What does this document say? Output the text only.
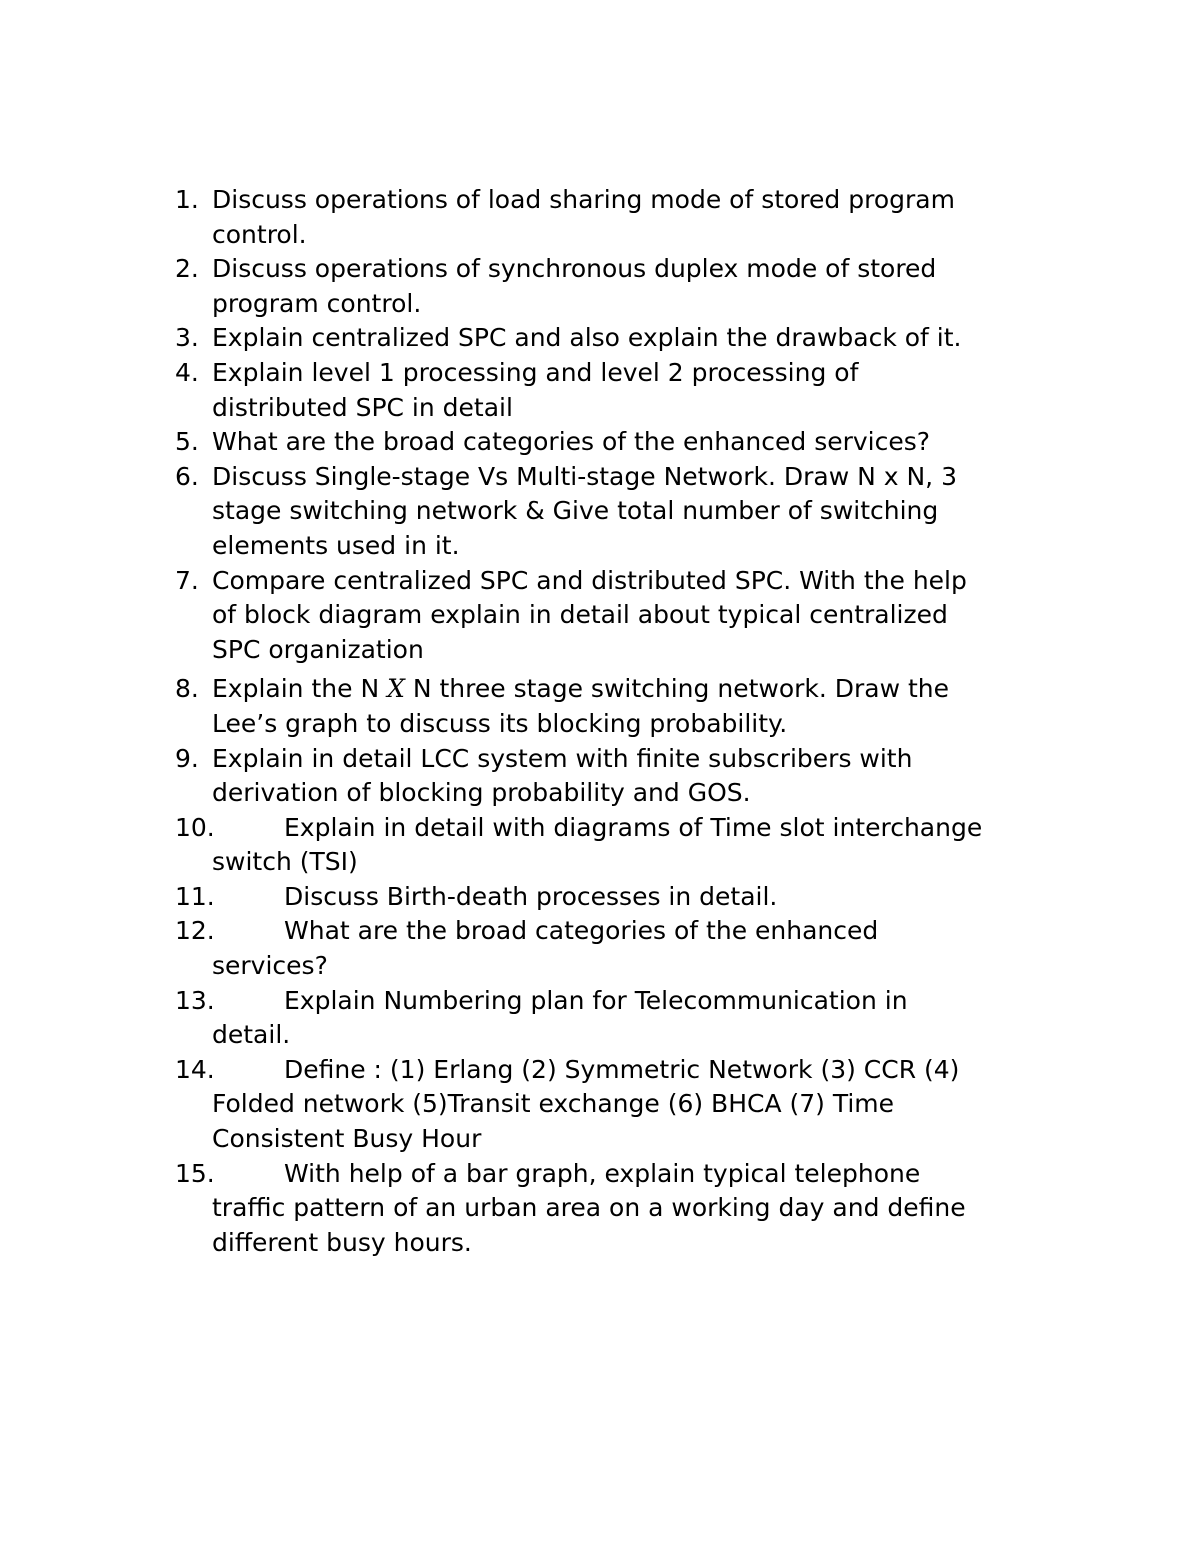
1. Discuss operations of load sharing mode of stored program
control.
2. Discuss operations of synchronous duplex mode of stored
program control.
3. Explain centralized SPC and also explain the drawback of it.
4. Explain level 1 processing and level 2 processing of
distributed SPC in detail
5. What are the broad categories of the enhanced services?
6. Discuss Single-stage Vs Multi-stage Network. Draw N x N, 3
stage switching network & Give total number of switching
elements used in it.
7. Compare centralized SPC and distributed SPC. With the help
of block diagram explain in detail about typical centralized
SPC organization
8. Explain the N X N three stage switching network. Draw the
Lee’s graph to discuss its blocking probability.
9. Explain in detail LCC system with finite subscribers with
derivation of blocking probability and GOS.
10.	Explain in detail with diagrams of Time slot interchange
switch (TSI)
11.	Discuss Birth-death processes in detail.
12.	What are the broad categories of the enhanced
services?
13.	Explain Numbering plan for Telecommunication in
detail.
14.	Define : (1) Erlang (2) Symmetric Network (3) CCR (4)
Folded network (5)Transit exchange (6) BHCA (7) Time
Consistent Busy Hour
15.	With help of a bar graph, explain typical telephone
traffic pattern of an urban area on a working day and define
different busy hours.
